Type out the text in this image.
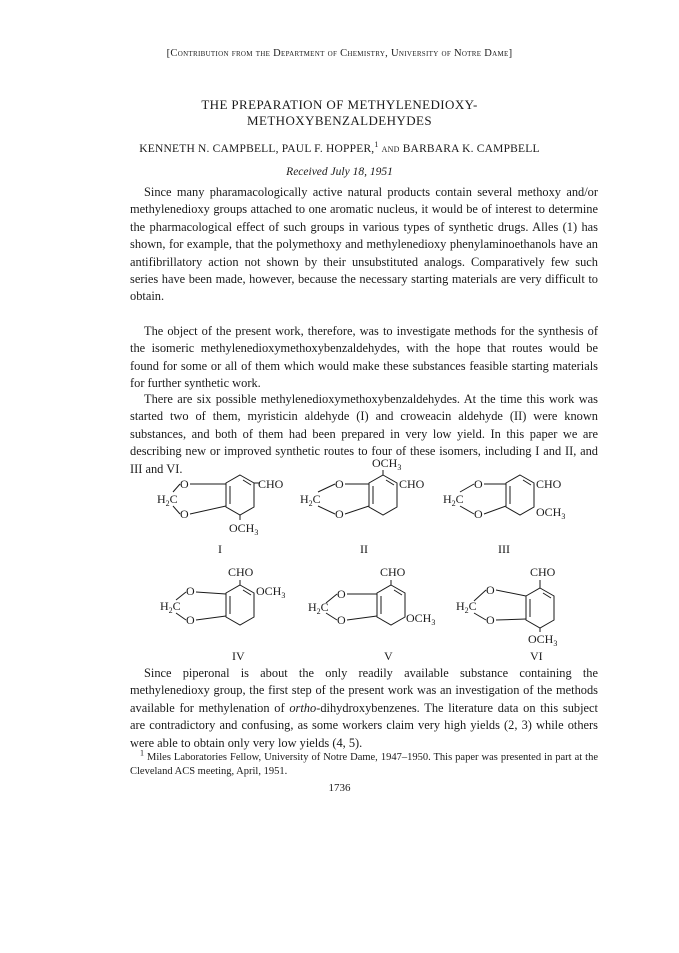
[Contribution from the Department of Chemistry, University of Notre Dame]
THE PREPARATION OF METHYLENEDIOXY-
METHOXYBENZALDEHYDES
KENNETH N. CAMPBELL, PAUL F. HOPPER,$^1$ and BARBARA K. CAMPBELL
Received July 18, 1951

Since many pharamacologically active natural products contain several methoxy and/or methylenedioxy groups attached to one aromatic nucleus, it would be of interest to determine the pharmacological effect of such groups in various types of synthetic drugs. Alles (1) has shown, for example, that the polymethoxy and methylenedioxy phenylaminoethanols have an antifibrillatory action not shown by their unsubstituted analogs. Comparatively few such series have been made, however, because the necessary starting materials are very difficult to obtain.

The object of the present work, therefore, was to investigate methods for the synthesis of the isomeric methylenedioxymethoxybenzaldehydes, with the hope that routes would be found for some or all of them which would make these substances feasible starting materials for further synthetic work.

There are six possible methylenedioxymethoxybenzaldehydes. At the time this work was started two of them, myristicin aldehyde (I) and croweacin aldehyde (II) were known substances, and both of them had been prepared in very low yield. In this paper we are describing new or improved synthetic routes to four of these isomers, including I and II, and III and VI.

O
O
$H_2C$
CHO
$OCH_3$
I
O
O
$H_2C$
$OCH_3$
CHO
II
O
O
$H_2C$
CHO
$OCH_3$
III
CHO
O
O
$H_2C$
$OCH_3$
IV
CHO
O
O
$H_2C$
$OCH_3$
V
CHO
O
O
$H_2C$
$OCH_3$
VI

Since piperonal is about the only readily available substance containing the methylenedioxy group, the first step of the present work was an investigation of the methods available for methylenation of ortho-dihydroxybenzenes. The literature data on this subject are contradictory and confusing, as some workers claim very high yields (2, 3) while others were able to obtain only very low yields (4, 5).

$^1$ Miles Laboratories Fellow, University of Notre Dame, 1947–1950. This paper was presented in part at the Cleveland ACS meeting, April, 1951.
1736
